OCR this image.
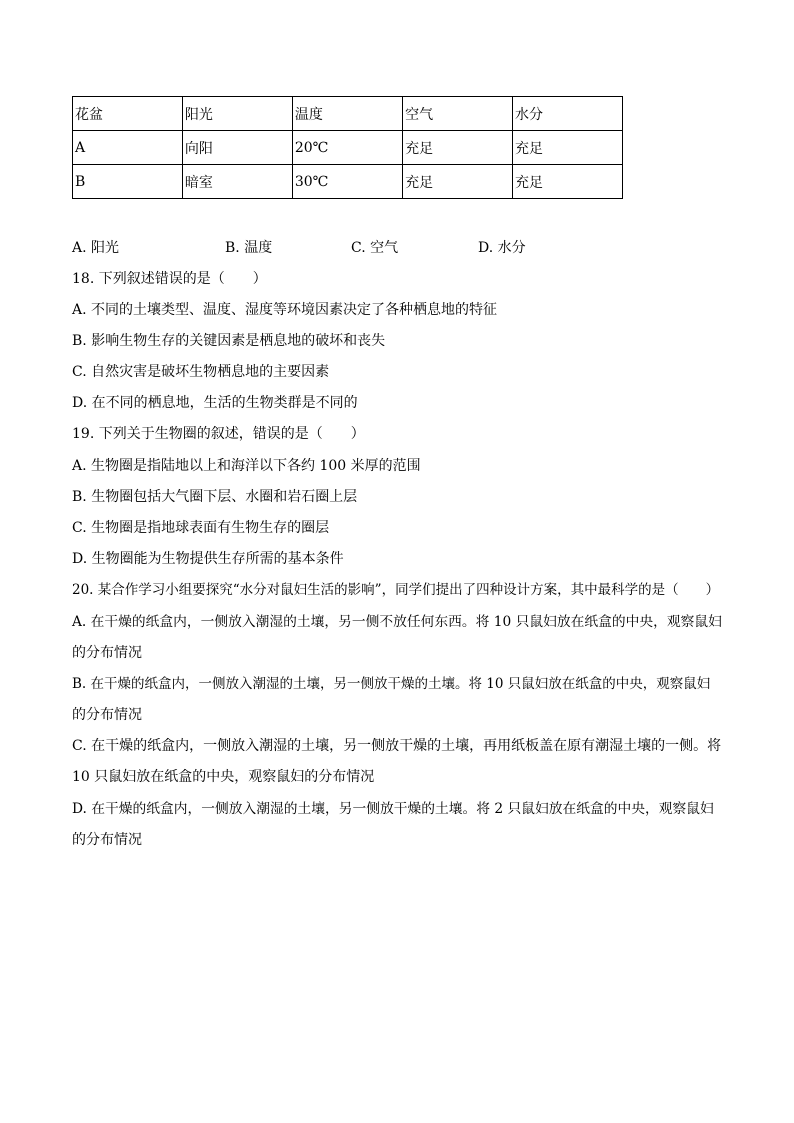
花盆	阳光	温度	空气	水分
A	向阳	20℃	充足	充足
B	暗室	30℃	充足	充足
A. 阳光	B. 温度	C. 空气	D. 水分
18. 下列叙述错误的是（　　）
A. 不同的土壤类型、温度、湿度等环境因素决定了各种栖息地的特征
B. 影响生物生存的关键因素是栖息地的破坏和丧失
C. 自然灾害是破坏生物栖息地的主要因素
D. 在不同的栖息地，生活的生物类群是不同的
19. 下列关于生物圈的叙述，错误的是（　　）
A. 生物圈是指陆地以上和海洋以下各约 100 米厚的范围
B. 生物圈包括大气圈下层、水圈和岩石圈上层
C. 生物圈是指地球表面有生物生存的圈层
D. 生物圈能为生物提供生存所需的基本条件
20. 某合作学习小组要探究“水分对鼠妇生活的影响”，同学们提出了四种设计方案，其中最科学的是（　　）
A. 在干燥的纸盒内，一侧放入潮湿的土壤，另一侧不放任何东西。将 10 只鼠妇放在纸盒的中央，观察鼠妇
的分布情况
B. 在干燥的纸盒内，一侧放入潮湿的土壤，另一侧放干燥的土壤。将 10 只鼠妇放在纸盒的中央，观察鼠妇
的分布情况
C. 在干燥的纸盒内，一侧放入潮湿的土壤，另一侧放干燥的土壤，再用纸板盖在原有潮湿土壤的一侧。将
10 只鼠妇放在纸盒的中央，观察鼠妇的分布情况
D. 在干燥的纸盒内，一侧放入潮湿的土壤，另一侧放干燥的土壤。将 2 只鼠妇放在纸盒的中央，观察鼠妇
的分布情况
